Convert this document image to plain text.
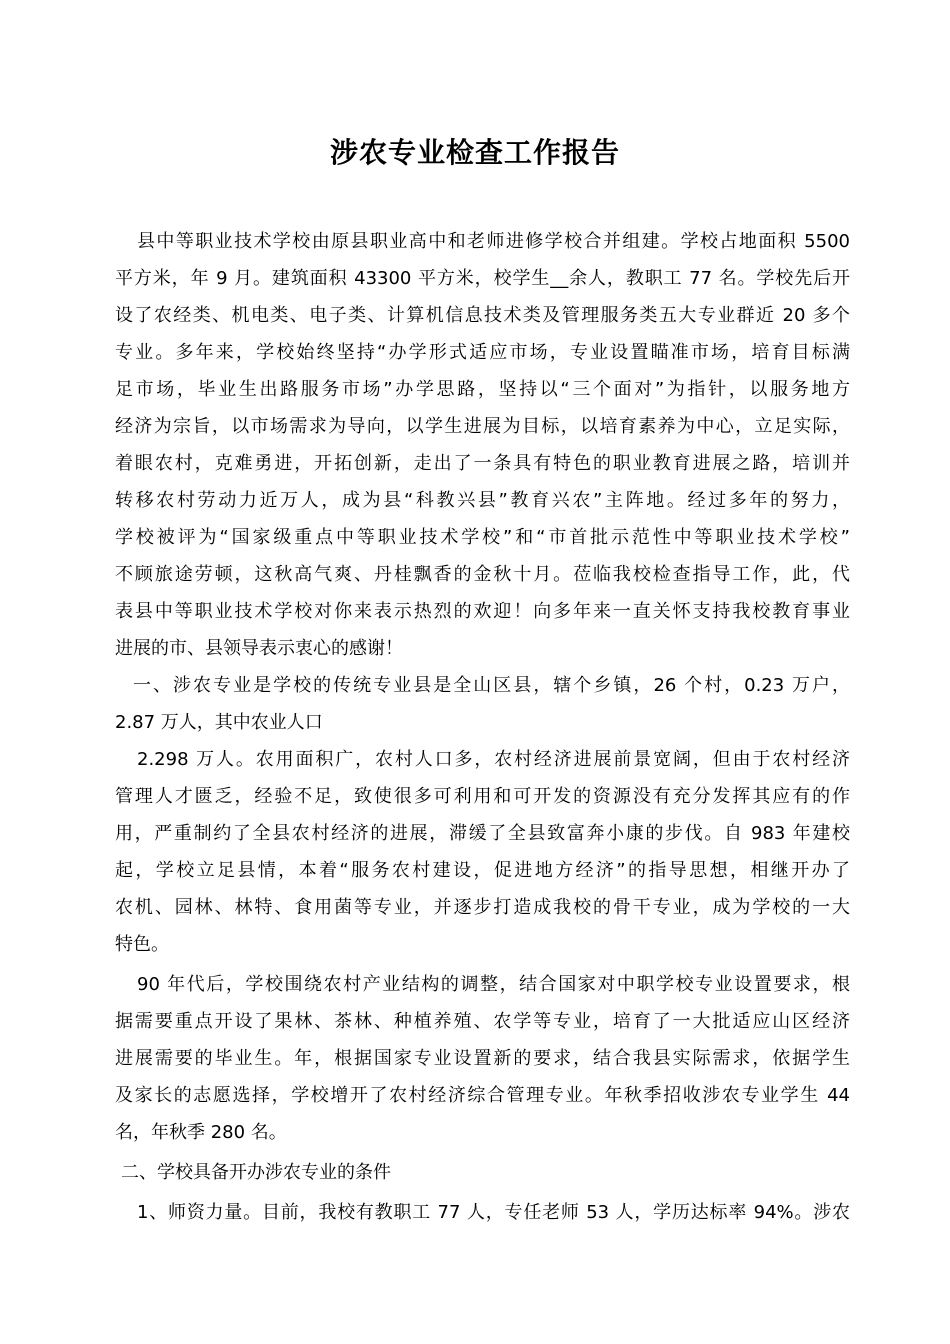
涉农专业检查工作报告
县中等职业技术学校由原县职业高中和老师进修学校合并组建。学校占地面积 5500
平方米，年 9 月。建筑面积 43300 平方米，校学生__余人，教职工 77 名。学校先后开
设了农经类、机电类、电子类、计算机信息技术类及管理服务类五大专业群近 20 多个
专业。多年来，学校始终坚持“办学形式适应市场，专业设置瞄准市场，培育目标满
足市场，毕业生出路服务市场”办学思路，坚持以“三个面对”为指针，以服务地方
经济为宗旨，以市场需求为导向，以学生进展为目标，以培育素养为中心，立足实际，
着眼农村，克难勇进，开拓创新，走出了一条具有特色的职业教育进展之路，培训并
转移农村劳动力近万人，成为县“科教兴县”教育兴农”主阵地。经过多年的努力，
学校被评为“国家级重点中等职业技术学校”和“市首批示范性中等职业技术学校”
不顾旅途劳顿，这秋高气爽、丹桂飘香的金秋十月。莅临我校检查指导工作，此，代
表县中等职业技术学校对你来表示热烈的欢迎！向多年来一直关怀支持我校教育事业
进展的市、县领导表示衷心的感谢！
一、涉农专业是学校的传统专业县是全山区县，辖个乡镇，26 个村，0.23 万户，
2.87 万人，其中农业人口
2.298 万人。农用面积广，农村人口多，农村经济进展前景宽阔，但由于农村经济
管理人才匮乏，经验不足，致使很多可利用和可开发的资源没有充分发挥其应有的作
用，严重制约了全县农村经济的进展，滞缓了全县致富奔小康的步伐。自 983 年建校
起，学校立足县情，本着“服务农村建设，促进地方经济”的指导思想，相继开办了
农机、园林、林特、食用菌等专业，并逐步打造成我校的骨干专业，成为学校的一大
特色。
90 年代后，学校围绕农村产业结构的调整，结合国家对中职学校专业设置要求，根
据需要重点开设了果林、茶林、种植养殖、农学等专业，培育了一大批适应山区经济
进展需要的毕业生。年，根据国家专业设置新的要求，结合我县实际需求，依据学生
及家长的志愿选择，学校增开了农村经济综合管理专业。年秋季招收涉农专业学生 44
名，年秋季 280 名。
二、学校具备开办涉农专业的条件
1、师资力量。目前，我校有教职工 77 人，专任老师 53 人，学历达标率 94%。涉农
